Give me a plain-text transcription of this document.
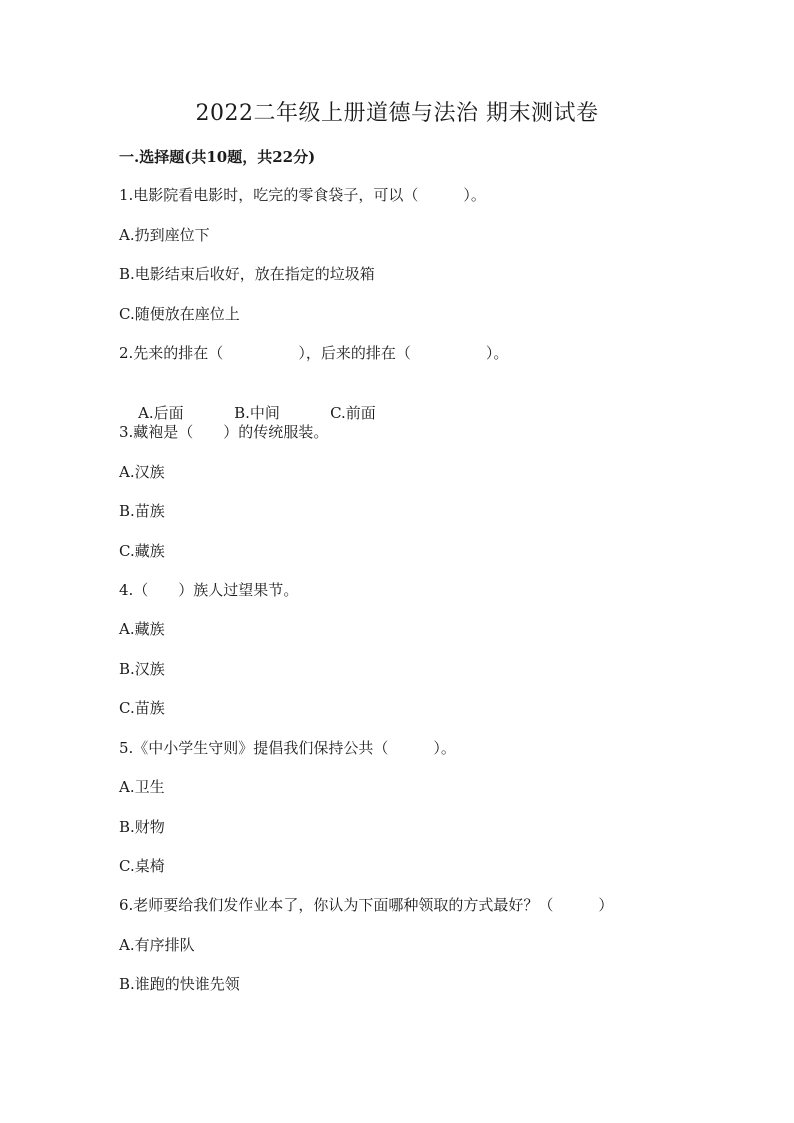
2022二年级上册道德与法治 期末测试卷
一.选择题(共10题，共22分)
1.电影院看电影时，吃完的零食袋子，可以（　　　）。
A.扔到座位下
B.电影结束后收好，放在指定的垃圾箱
C.随便放在座位上
2.先来的排在（　　　　　），后来的排在（　　　　　）。

A.后面	B.中间	C.前面

3.藏袍是（　　）的传统服装。
A.汉族
B.苗族
C.藏族
4.（　　）族人过望果节。
A.藏族
B.汉族
C.苗族
5.《中小学生守则》提倡我们保持公共（　　　）。
A.卫生
B.财物
C.桌椅
6.老师要给我们发作业本了，你认为下面哪种领取的方式最好？（　　　）
A.有序排队
B.谁跑的快谁先领
